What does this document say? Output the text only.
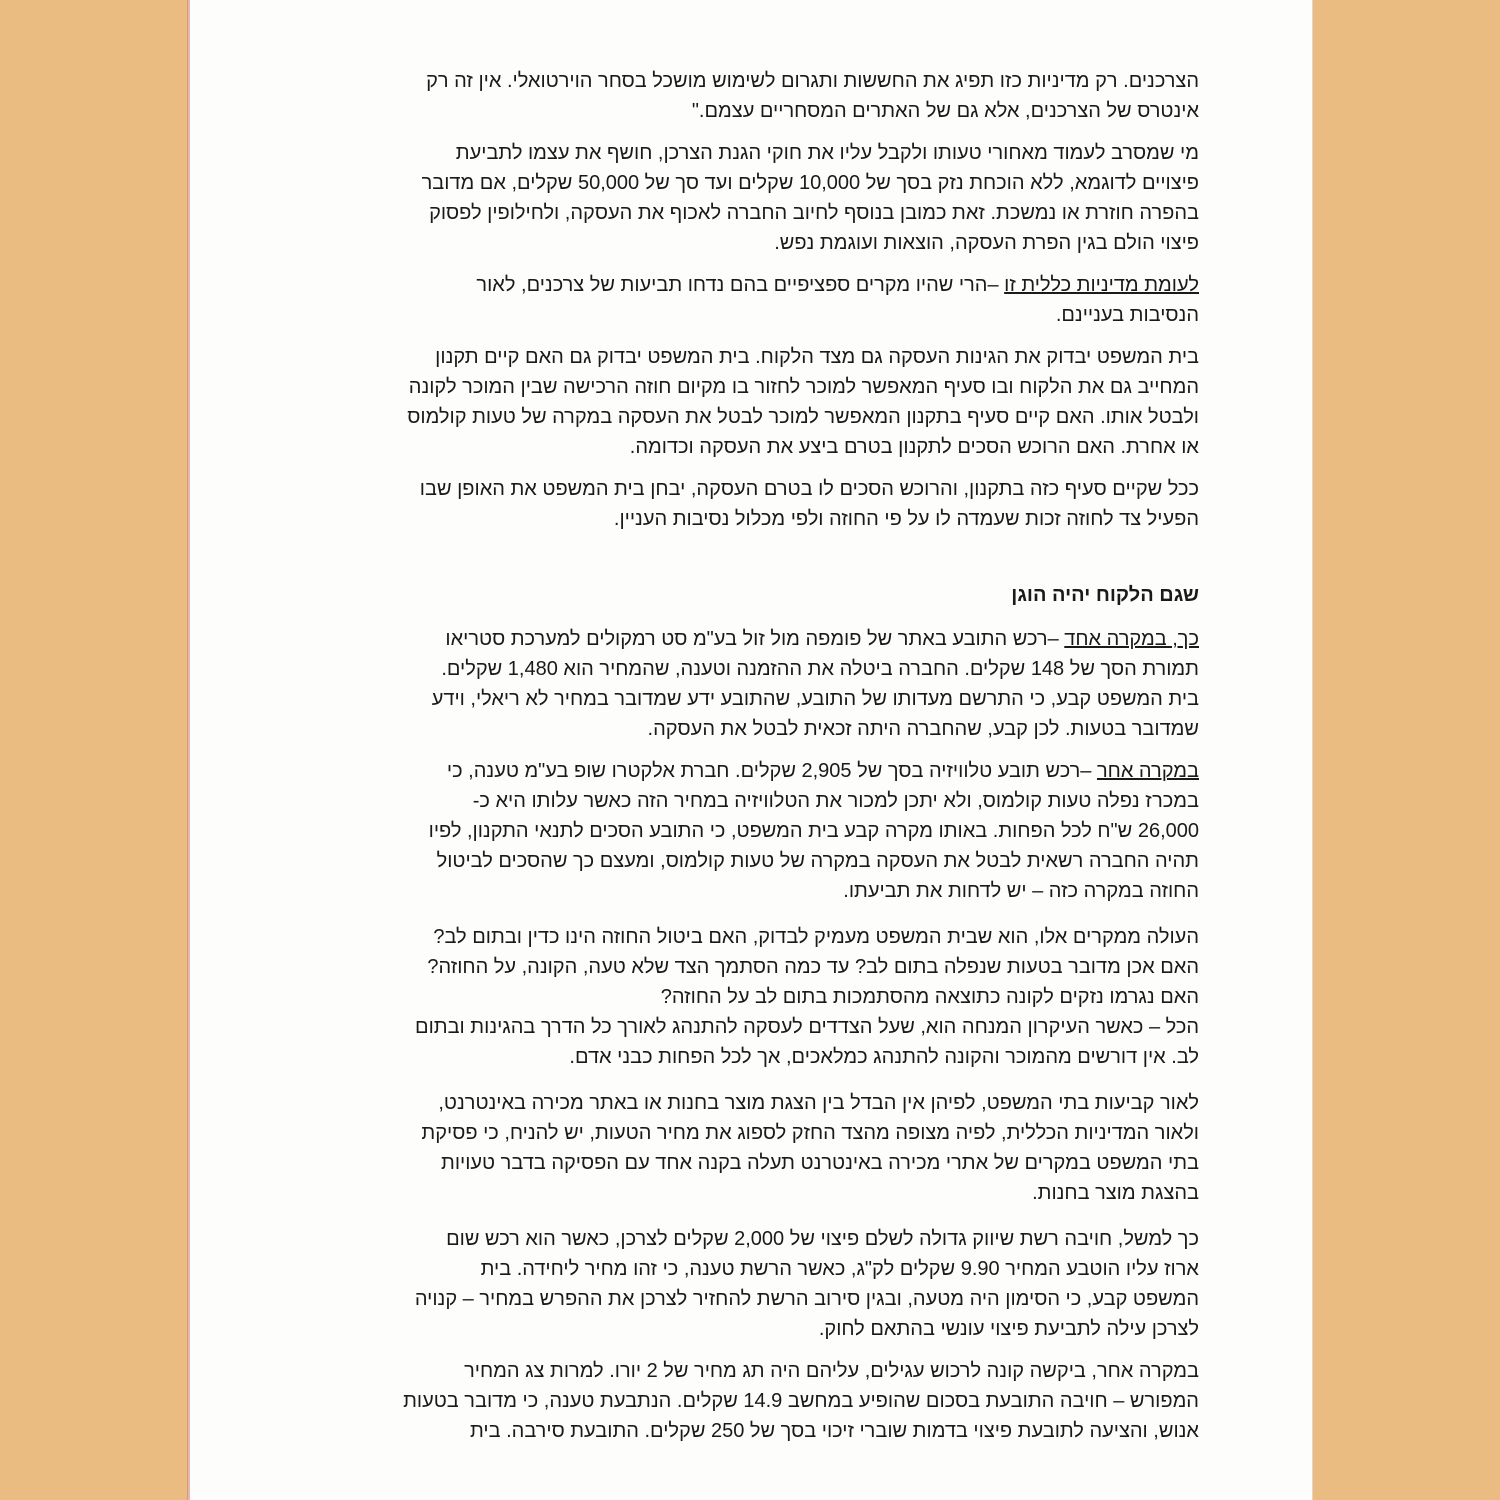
הצרכנים. רק מדיניות כזו תפיג את החששות ותגרום לשימוש מושכל בסחר הוירטואלי. אין זה רק
אינטרס של הצרכנים, אלא גם של האתרים המסחריים עצמם."

מי שמסרב לעמוד מאחורי טעותו ולקבל עליו את חוקי הגנת הצרכן, חושף את עצמו לתביעת
פיצויים לדוגמא, ללא הוכחת נזק בסך של 10,000 שקלים ועד סך של 50,000 שקלים, אם מדובר
בהפרה חוזרת או נמשכת. זאת כמובן בנוסף לחיוב החברה לאכוף את העסקה, ולחילופין לפסוק
פיצוי הולם בגין הפרת העסקה, הוצאות ועוגמת נפש.

לעומת מדיניות כללית זו –הרי שהיו מקרים ספציפיים בהם נדחו תביעות של צרכנים, לאור
הנסיבות בעניינם.

בית המשפט יבדוק את הגינות העסקה גם מצד הלקוח. בית המשפט יבדוק גם האם קיים תקנון
המחייב גם את הלקוח ובו סעיף המאפשר למוכר לחזור בו מקיום חוזה הרכישה שבין המוכר לקונה
ולבטל אותו. האם קיים סעיף בתקנון המאפשר למוכר לבטל את העסקה במקרה של טעות קולמוס
או אחרת. האם הרוכש הסכים לתקנון בטרם ביצע את העסקה וכדומה.

ככל שקיים סעיף כזה בתקנון, והרוכש הסכים לו בטרם העסקה, יבחן בית המשפט את האופן שבו
הפעיל צד לחוזה זכות שעמדה לו על פי החוזה ולפי מכלול נסיבות העניין.

שגם הלקוח יהיה הוגן

כך, במקרה אחד –רכש התובע באתר של פומפה מול זול בע"מ סט רמקולים למערכת סטריאו
תמורת הסך של 148 שקלים. החברה ביטלה את ההזמנה וטענה, שהמחיר הוא 1,480 שקלים.
בית המשפט קבע, כי התרשם מעדותו של התובע, שהתובע ידע שמדובר במחיר לא ריאלי, וידע
שמדובר בטעות. לכן קבע, שהחברה היתה זכאית לבטל את העסקה.

במקרה אחר –רכש תובע טלוויזיה בסך של 2,905 שקלים. חברת אלקטרו שופ בע"מ טענה, כי
במכרז נפלה טעות קולמוס, ולא יתכן למכור את הטלוויזיה במחיר הזה כאשר עלותו היא כ-
26,000 ש"ח לכל הפחות. באותו מקרה קבע בית המשפט, כי התובע הסכים לתנאי התקנון, לפיו
תהיה החברה רשאית לבטל את העסקה במקרה של טעות קולמוס, ומעצם כך שהסכים לביטול
החוזה במקרה כזה – יש לדחות את תביעתו.

העולה ממקרים אלו, הוא שבית המשפט מעמיק לבדוק, האם ביטול החוזה הינו כדין ובתום לב?
האם אכן מדובר בטעות שנפלה בתום לב? עד כמה הסתמך הצד שלא טעה, הקונה, על החוזה?
האם נגרמו נזקים לקונה כתוצאה מהסתמכות בתום לב על החוזה?
הכל – כאשר העיקרון המנחה הוא, שעל הצדדים לעסקה להתנהג לאורך כל הדרך בהגינות ובתום
לב. אין דורשים מהמוכר והקונה להתנהג כמלאכים, אך לכל הפחות כבני אדם.

לאור קביעות בתי המשפט, לפיהן אין הבדל בין הצגת מוצר בחנות או באתר מכירה באינטרנט,
ולאור המדיניות הכללית, לפיה מצופה מהצד החזק לספוג את מחיר הטעות, יש להניח, כי פסיקת
בתי המשפט במקרים של אתרי מכירה באינטרנט תעלה בקנה אחד עם הפסיקה בדבר טעויות
בהצגת מוצר בחנות.

כך למשל, חויבה רשת שיווק גדולה לשלם פיצוי של 2,000 שקלים לצרכן, כאשר הוא רכש שום
ארוז עליו הוטבע המחיר 9.90 שקלים לק"ג, כאשר הרשת טענה, כי זהו מחיר ליחידה. בית
המשפט קבע, כי הסימון היה מטעה, ובגין סירוב הרשת להחזיר לצרכן את ההפרש במחיר – קנויה
לצרכן עילה לתביעת פיצוי עונשי בהתאם לחוק.

במקרה אחר, ביקשה קונה לרכוש עגילים, עליהם היה תג מחיר של 2 יורו. למרות צג המחיר
המפורש – חויבה התובעת בסכום שהופיע במחשב 14.9 שקלים. הנתבעת טענה, כי מדובר בטעות
אנוש, והציעה לתובעת פיצוי בדמות שוברי זיכוי בסך של 250 שקלים. התובעת סירבה. בית
